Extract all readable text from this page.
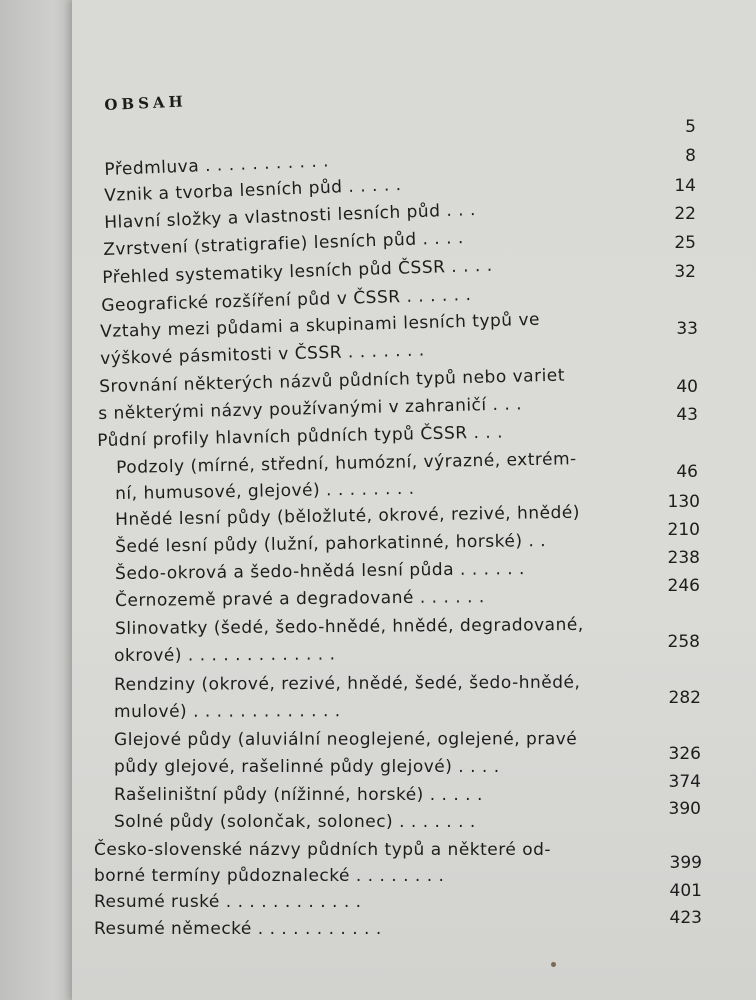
OBSAH
Předmluva . . . . . . . . . . .
5
Vznik a tvorba lesních půd . . . . .
8
Hlavní složky a vlastnosti lesních půd . . .
14
Zvrstvení (stratigrafie) lesních půd . . . .
22
Přehled systematiky lesních půd ČSSR . . . .
25
Geografické rozšíření půd v ČSSR . . . . . .
32
Vztahy mezi půdami a skupinami lesních typů ve
výškové pásmitosti v ČSSR . . . . . . .
33
Srovnání některých názvů půdních typů nebo variet
s některými názvy používanými v zahraničí . . .
40
Půdní profily hlavních půdních typů ČSSR . . .
43
Podzoly (mírné, střední, humózní, výrazné, extrém-
ní, humusové, glejové) . . . . . . . .
46
Hnědé lesní půdy (běložluté, okrové, rezivé, hnědé)
130
Šedé lesní půdy (lužní, pahorkatinné, horské) . .
210
Šedo-okrová a šedo-hnědá lesní půda . . . . . .
238
Černozemě pravé a degradované . . . . . .
246
Slinovatky (šedé, šedo-hnědé, hnědé, degradované,
okrové) . . . . . . . . . . . . .
258
Rendziny (okrové, rezivé, hnědé, šedé, šedo-hnědé,
mulové) . . . . . . . . . . . . .
282
Glejové půdy (aluviální neoglejené, oglejené, pravé
půdy glejové, rašelinné půdy glejové) . . . .
326
Rašeliništní půdy (nížinné, horské) . . . . .
374
Solné půdy (solončak, solonec) . . . . . . .
390
Česko-slovenské názvy půdních typů a některé od-
borné termíny půdoznalecké . . . . . . . .
399
Resumé ruské . . . . . . . . . . . .
401
Resumé německé . . . . . . . . . . .
423
